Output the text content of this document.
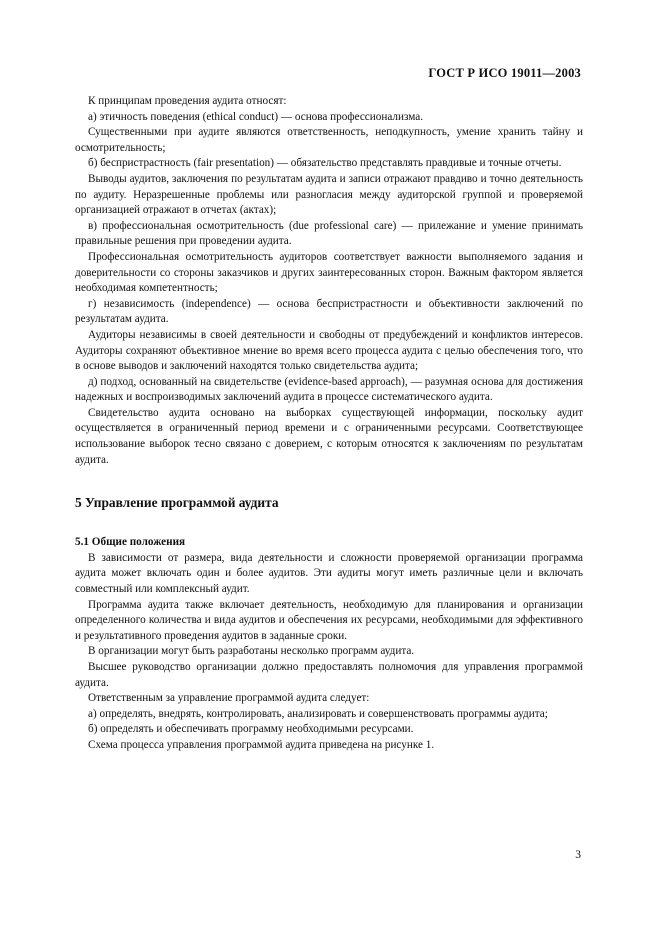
ГОСТ Р ИСО 19011—2003

К принципам проведения аудита относят:

а) этичность поведения (ethical conduct) — основа профессионализма.

Существенными при аудите являются ответственность, неподкупность, умение хранить тайну и осмотрительность;

б) беспристрастность (fair presentation) — обязательство представлять правдивые и точные отчеты.

Выводы аудитов, заключения по результатам аудита и записи отражают правдиво и точно деятельность по аудиту. Неразрешенные проблемы или разногласия между аудиторской группой и проверяемой организацией отражают в отчетах (актах);

в) профессиональная осмотрительность (due professional care) — прилежание и умение принимать правильные решения при проведении аудита.

Профессиональная осмотрительность аудиторов соответствует важности выполняемого задания и доверительности со стороны заказчиков и других заинтересованных сторон. Важным фактором является необходимая компетентность;

г) независимость (independence) — основа беспристрастности и объективности заключений по результатам аудита.

Аудиторы независимы в своей деятельности и свободны от предубеждений и конфликтов интересов. Аудиторы сохраняют объективное мнение во время всего процесса аудита с целью обеспечения того, что в основе выводов и заключений находятся только свидетельства аудита;

д) подход, основанный на свидетельстве (evidence-based approach), — разумная основа для достижения надежных и воспроизводимых заключений аудита в процессе систематического аудита.

Свидетельство аудита основано на выборках существующей информации, поскольку аудит осуществляется в ограниченный период времени и с ограниченными ресурсами. Соответствующее использование выборок тесно связано с доверием, с которым относятся к заключениям по результатам аудита.

5 Управление программой аудита

5.1 Общие положения

В зависимости от размера, вида деятельности и сложности проверяемой организации программа аудита может включать один и более аудитов. Эти аудиты могут иметь различные цели и включать совместный или комплексный аудит.

Программа аудита также включает деятельность, необходимую для планирования и организации определенного количества и вида аудитов и обеспечения их ресурсами, необходимыми для эффективного и результативного проведения аудитов в заданные сроки.

В организации могут быть разработаны несколько программ аудита.

Высшее руководство организации должно предоставлять полномочия для управления программой аудита.

Ответственным за управление программой аудита следует:

а) определять, внедрять, контролировать, анализировать и совершенствовать программы аудита;

б) определять и обеспечивать программу необходимыми ресурсами.

Схема процесса управления программой аудита приведена на рисунке 1.

3
